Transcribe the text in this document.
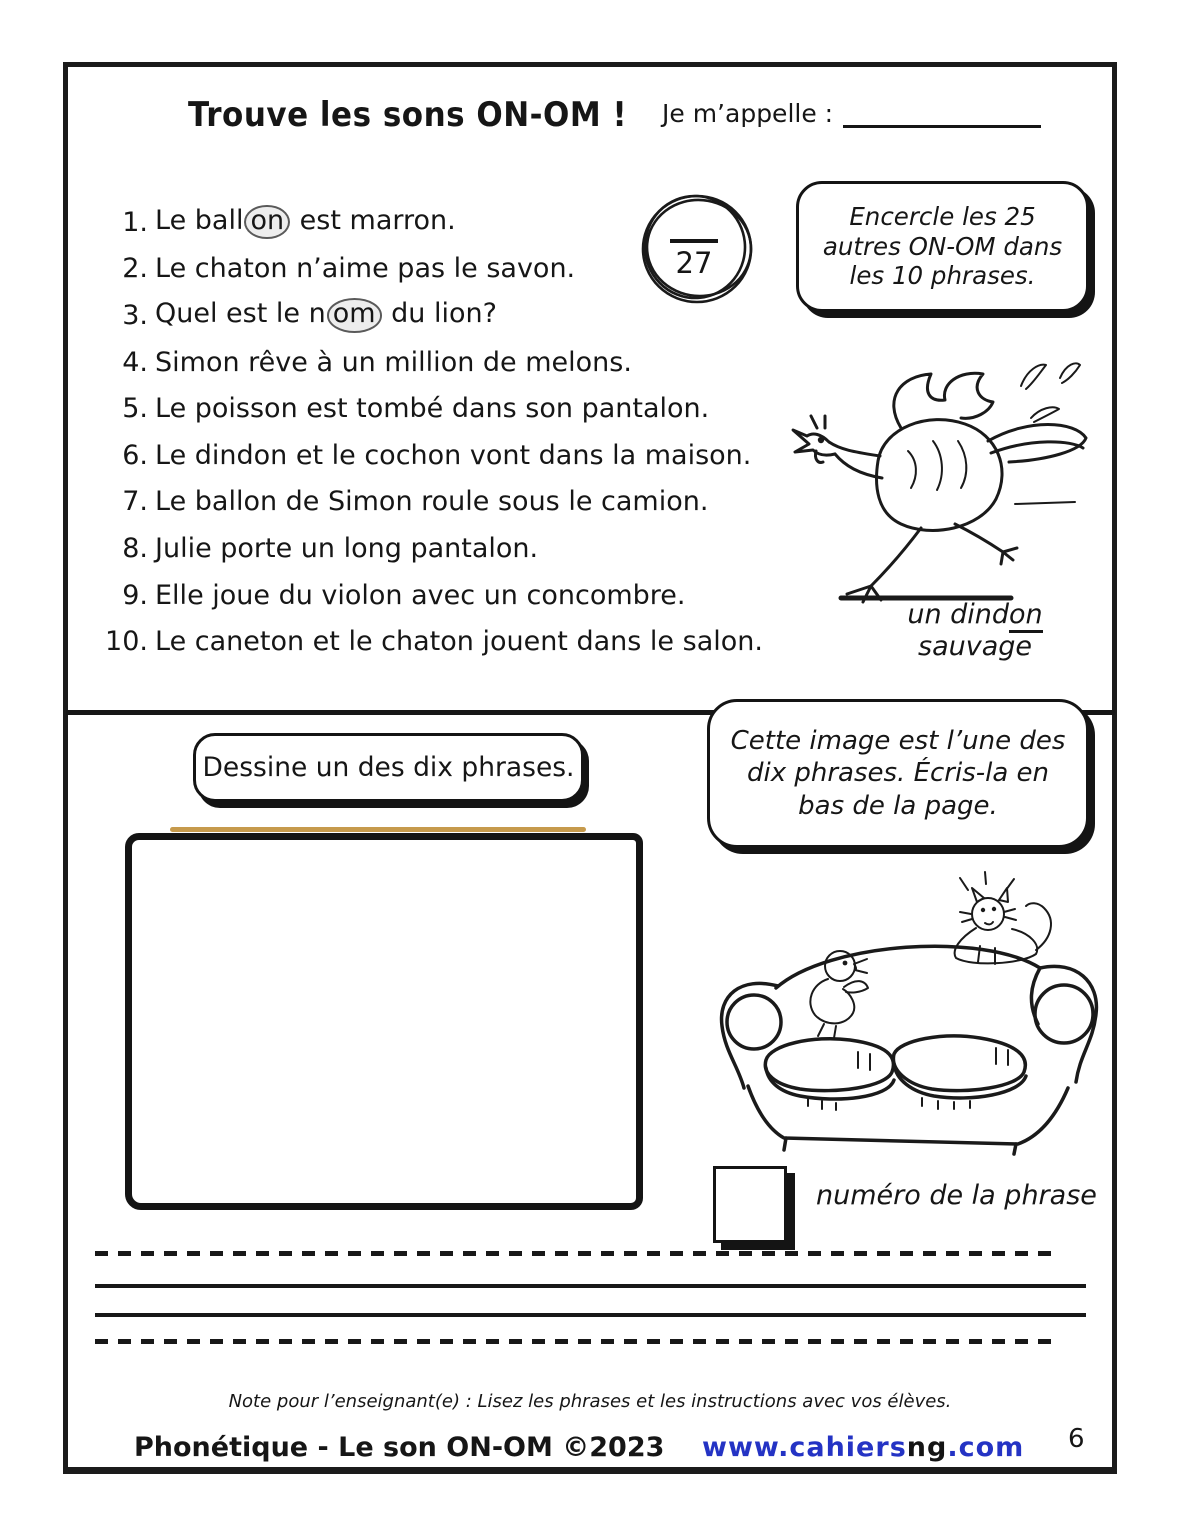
Trouve les sons ON-OM ! Je m’appelle :
1. Le ball on est marron.
2. Le chaton n’aime pas le savon.
3. Quel est le n om du lion?
4. Simon rêve à un million de melons.
5. Le poisson est tombé dans son pantalon.
6. Le dindon et le cochon vont dans la maison.
7. Le ballon de Simon roule sous le camion.
8. Julie porte un long pantalon.
9. Elle joue du violon avec un concombre.
10. Le caneton et le chaton jouent dans le salon.
27
Encercle les 25 autres ON-OM dans les 10 phrases.
un dindon
sauvage
Dessine un des dix phrases.
Cette image est l’une des dix phrases. Écris-la en bas de la page.
numéro de la phrase
Note pour l’enseignant(e) : Lisez les phrases et les instructions avec vos élèves.
Phonétique - Le son ON-OM ©2023 www.cahiersng.com 6
